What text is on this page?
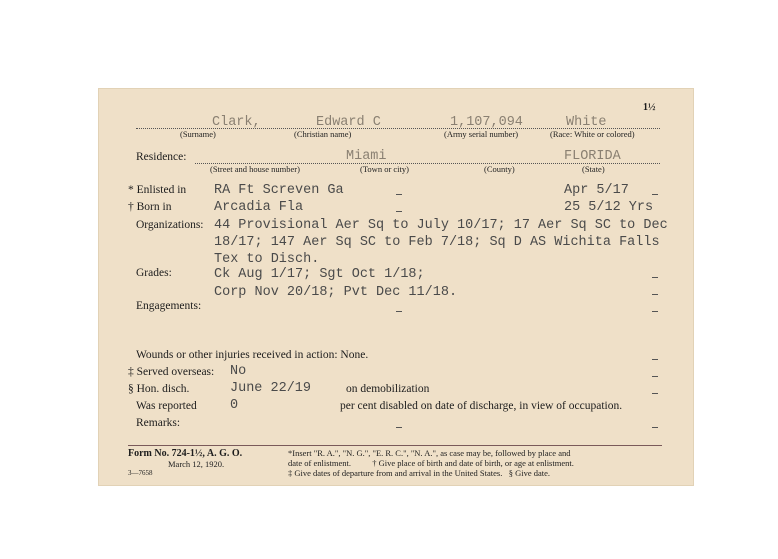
1½
Clark,	Edward C	1,107,094	White
(Surname)	(Christian name)	(Army serial number)	(Race: White or colored)
Residence:	Miami	FLORIDA
(Street and house number)	(Town or city)	(County)	(State)
* Enlisted in RA Ft Screven Ga	Apr 5/17
† Born in	Arcadia Fla	25 5/12 Yrs
Organizations: 44 Provisional Aer Sq to July 10/17; 17 Aer Sq SC to Dec
18/17; 147 Aer Sq SC to Feb 7/18; Sq D AS Wichita Falls
Tex to Disch.
Grades:	Ck Aug 1/17; Sgt Oct 1/18;
Corp Nov 20/18; Pvt Dec 11/18.
Engagements:
Wounds or other injuries received in action: None.
‡ Served overseas: No
§ Hon. disch.	June 22/19	on demobilization
Was reported 0	per cent disabled on date of discharge, in view of occupation.
Remarks:
Form No. 724-1½, A. G. O.
March 12, 1920.
3—7658
*Insert "R. A.", "N. G.", "E. R. C.", "N. A.", as case may be, followed by place and
date of enlistment.          † Give place of birth and date of birth, or age at enlistment.
‡ Give dates of departure from and arrival in the United States.   § Give date.
